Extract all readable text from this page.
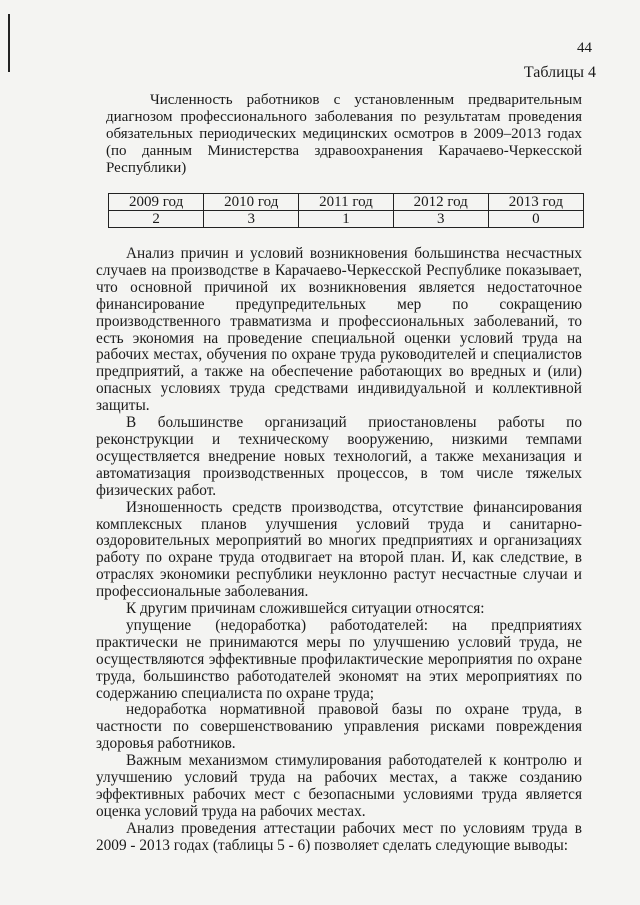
44
Таблицы 4
Численность работников с установленным предварительным диагнозом профессионального заболевания по результатам проведения обязательных периодических медицинских осмотров в 2009–2013 годах (по данным Министерства здравоохранения Карачаево-Черкесской Республики)
2009 год	2010 год	2011 год	2012 год	2013 год
2	3	1	3	0

Анализ причин и условий возникновения большинства несчастных случаев на производстве в Карачаево-Черкесской Республике показывает, что основной причиной их возникновения является недостаточное финансирование предупредительных мер по сокращению производственного травматизма и профессиональных заболеваний, то есть экономия на проведение специальной оценки условий труда на рабочих местах, обучения по охране труда руководителей и специалистов предприятий, а также на обеспечение работающих во вредных и (или) опасных условиях труда средствами индивидуальной и коллективной защиты.

В большинстве организаций приостановлены работы по реконструкции и техническому вооружению, низкими темпами осуществляется внедрение новых технологий, а также механизация и автоматизация производственных процессов, в том числе тяжелых физических работ.

Изношенность средств производства, отсутствие финансирования комплексных планов улучшения условий труда и санитарно-оздоровительных мероприятий во многих предприятиях и организациях работу по охране труда отодвигает на второй план. И, как следствие, в отраслях экономики республики неуклонно растут несчастные случаи и профессиональные заболевания.

К другим причинам сложившейся ситуации относятся:

упущение (недоработка) работодателей: на предприятиях практически не принимаются меры по улучшению условий труда, не осуществляются эффективные профилактические мероприятия по охране труда, большинство работодателей экономят на этих мероприятиях по содержанию специалиста по охране труда;

недоработка нормативной правовой базы по охране труда, в частности по совершенствованию управления рисками повреждения здоровья работников.

Важным механизмом стимулирования работодателей к контролю и улучшению условий труда на рабочих местах, а также созданию эффективных рабочих мест с безопасными условиями труда является оценка условий труда на рабочих местах.

Анализ проведения аттестации рабочих мест по условиям труда в 2009 - 2013 годах (таблицы 5 - 6) позволяет сделать следующие выводы:
